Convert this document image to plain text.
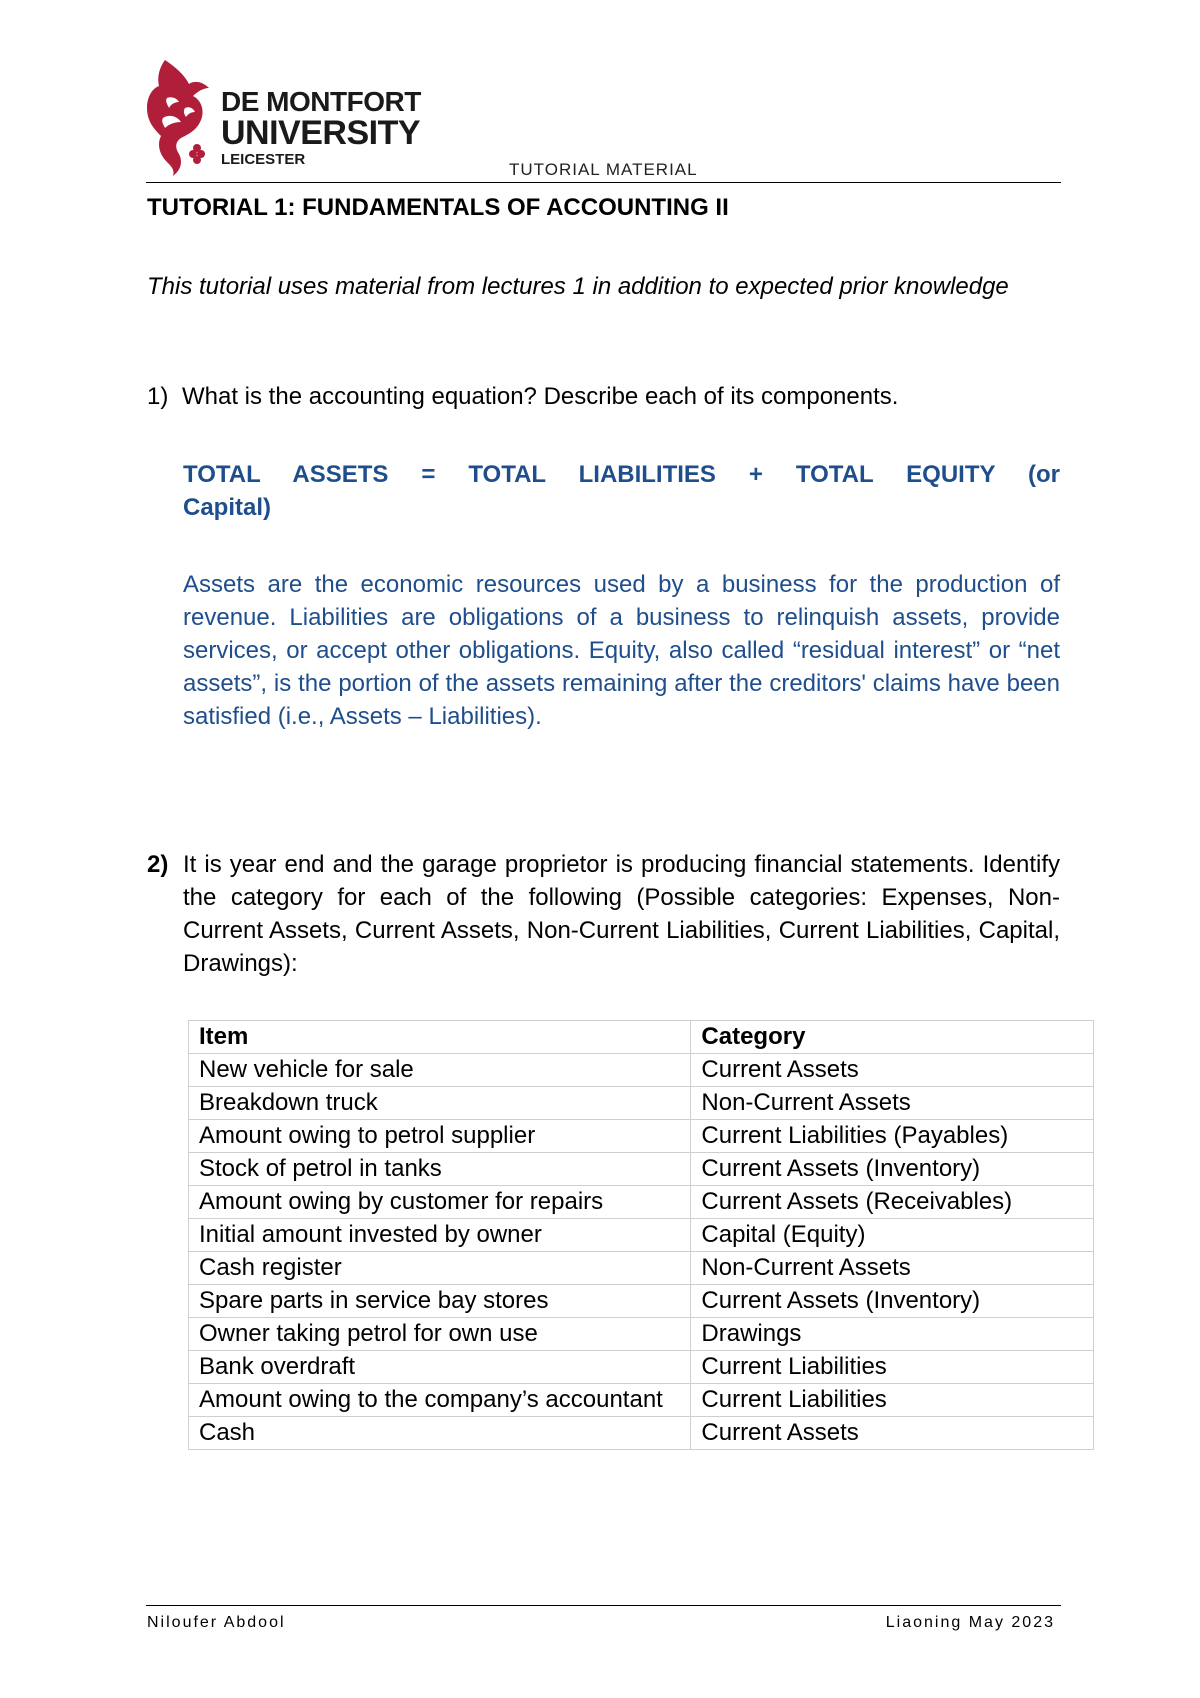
DE MONTFORT
UNIVERSITY
LEICESTER
TUTORIAL MATERIAL
TUTORIAL 1: FUNDAMENTALS OF ACCOUNTING II
This tutorial uses material from lectures 1 in addition to expected prior knowledge
1) What is the accounting equation? Describe each of its components.
TOTAL ASSETS = TOTAL LIABILITIES + TOTAL EQUITY (or Capital)
Assets are the economic resources used by a business for the production of revenue. Liabilities are obligations of a business to relinquish assets, provide services, or accept other obligations. Equity, also called “residual interest” or “net assets”, is the portion of the assets remaining after the creditors' claims have been satisfied (i.e., Assets – Liabilities).
2) It is year end and the garage proprietor is producing financial statements. Identify the category for each of the following (Possible categories: Expenses, Non-Current Assets, Current Assets, Non-Current Liabilities, Current Liabilities, Capital, Drawings):
Item	Category
New vehicle for sale	Current Assets
Breakdown truck	Non-Current Assets
Amount owing to petrol supplier	Current Liabilities (Payables)
Stock of petrol in tanks	Current Assets (Inventory)
Amount owing by customer for repairs	Current Assets (Receivables)
Initial amount invested by owner	Capital (Equity)
Cash register	Non-Current Assets
Spare parts in service bay stores	Current Assets (Inventory)
Owner taking petrol for own use	Drawings
Bank overdraft	Current Liabilities
Amount owing to the company’s accountant	Current Liabilities
Cash	Current Assets
Niloufer Abdool	Liaoning May 2023
